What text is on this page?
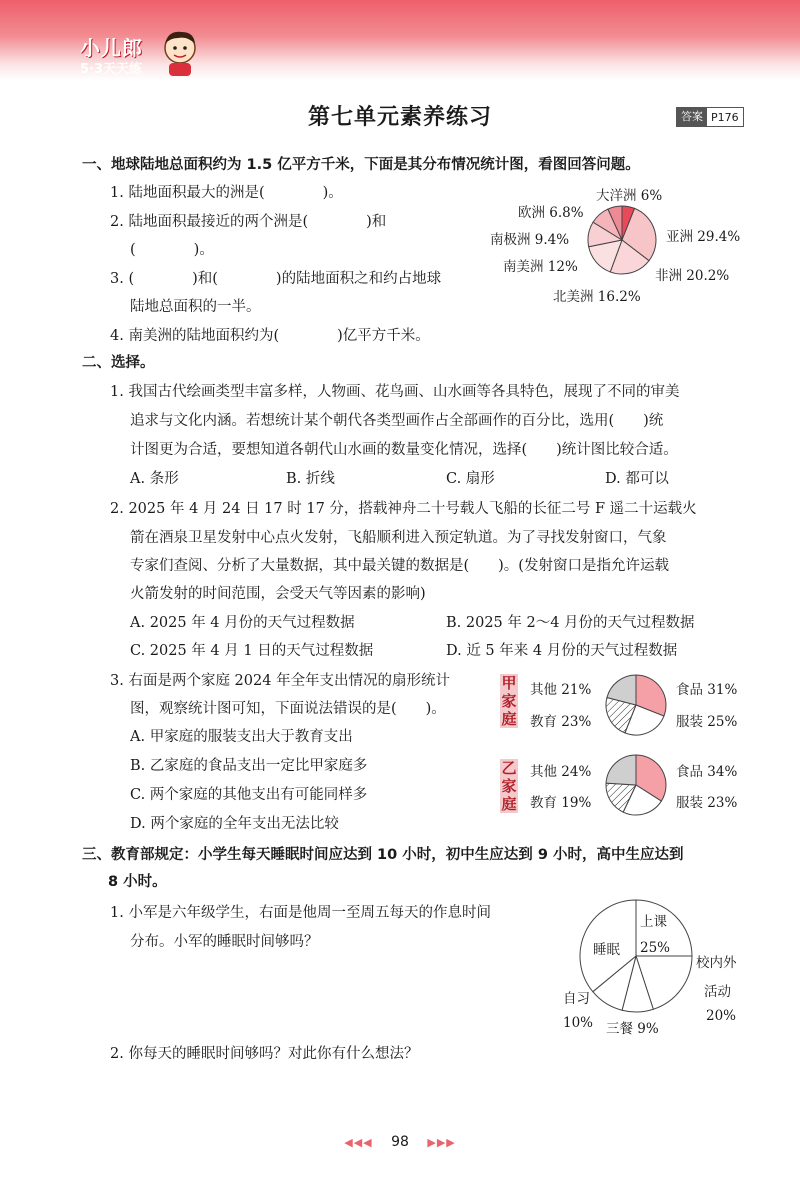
小儿郎
5·3天天练
第七单元素养练习	答案 P176
一、地球陆地总面积约为 1.5 亿平方千米，下面是其分布情况统计图，看图回答问题。
1. 陆地面积最大的洲是(　　　　)。
2. 陆地面积最接近的两个洲是(　　　　)和
(　　　　)。
3. (　　　　)和(　　　　)的陆地面积之和约占地球
陆地总面积的一半。
4. 南美洲的陆地面积约为(　　　　)亿平方千米。
大洋洲 6%
亚洲 29.4%
非洲 20.2%
北美洲 16.2%
南美洲 12%
南极洲 9.4%
欧洲 6.8%
二、选择。
1. 我国古代绘画类型丰富多样，人物画、花鸟画、山水画等各具特色，展现了不同的审美
追求与文化内涵。若想统计某个朝代各类型画作占全部画作的百分比，选用(　　)统
计图更为合适，要想知道各朝代山水画的数量变化情况，选择(　　)统计图比较合适。
A. 条形	B. 折线	C. 扇形	D. 都可以
2. 2025 年 4 月 24 日 17 时 17 分，搭载神舟二十号载人飞船的长征二号 F 遥二十运载火
箭在酒泉卫星发射中心点火发射，飞船顺利进入预定轨道。为了寻找发射窗口，气象
专家们查阅、分析了大量数据，其中最关键的数据是(　　)。(发射窗口是指允许运载
火箭发射的时间范围，会受天气等因素的影响)
A. 2025 年 4 月份的天气过程数据	B. 2025 年 2～4 月份的天气过程数据
C. 2025 年 4 月 1 日的天气过程数据	D. 近 5 年来 4 月份的天气过程数据
3. 右面是两个家庭 2024 年全年支出情况的扇形统计
图，观察统计图可知，下面说法错误的是(　　)。
A. 甲家庭的服装支出大于教育支出
B. 乙家庭的食品支出一定比甲家庭多
C. 两个家庭的其他支出有可能同样多
D. 两个家庭的全年支出无法比较
甲
家
庭
其他 21%
教育 23%
食品 31%
服装 25%
乙
家
庭
其他 24%
教育 19%
食品 34%
服装 23%
三、教育部规定：小学生每天睡眠时间应达到 10 小时，初中生应达到 9 小时，高中生应达到
8 小时。
1. 小军是六年级学生，右面是他周一至周五每天的作息时间
分布。小军的睡眠时间够吗？
2. 你每天的睡眠时间够吗？对此你有什么想法？
上课
25%
睡眠
校内外
活动
20%
自习
10% 三餐 9%
◀◀◀ 98 ▶▶▶
